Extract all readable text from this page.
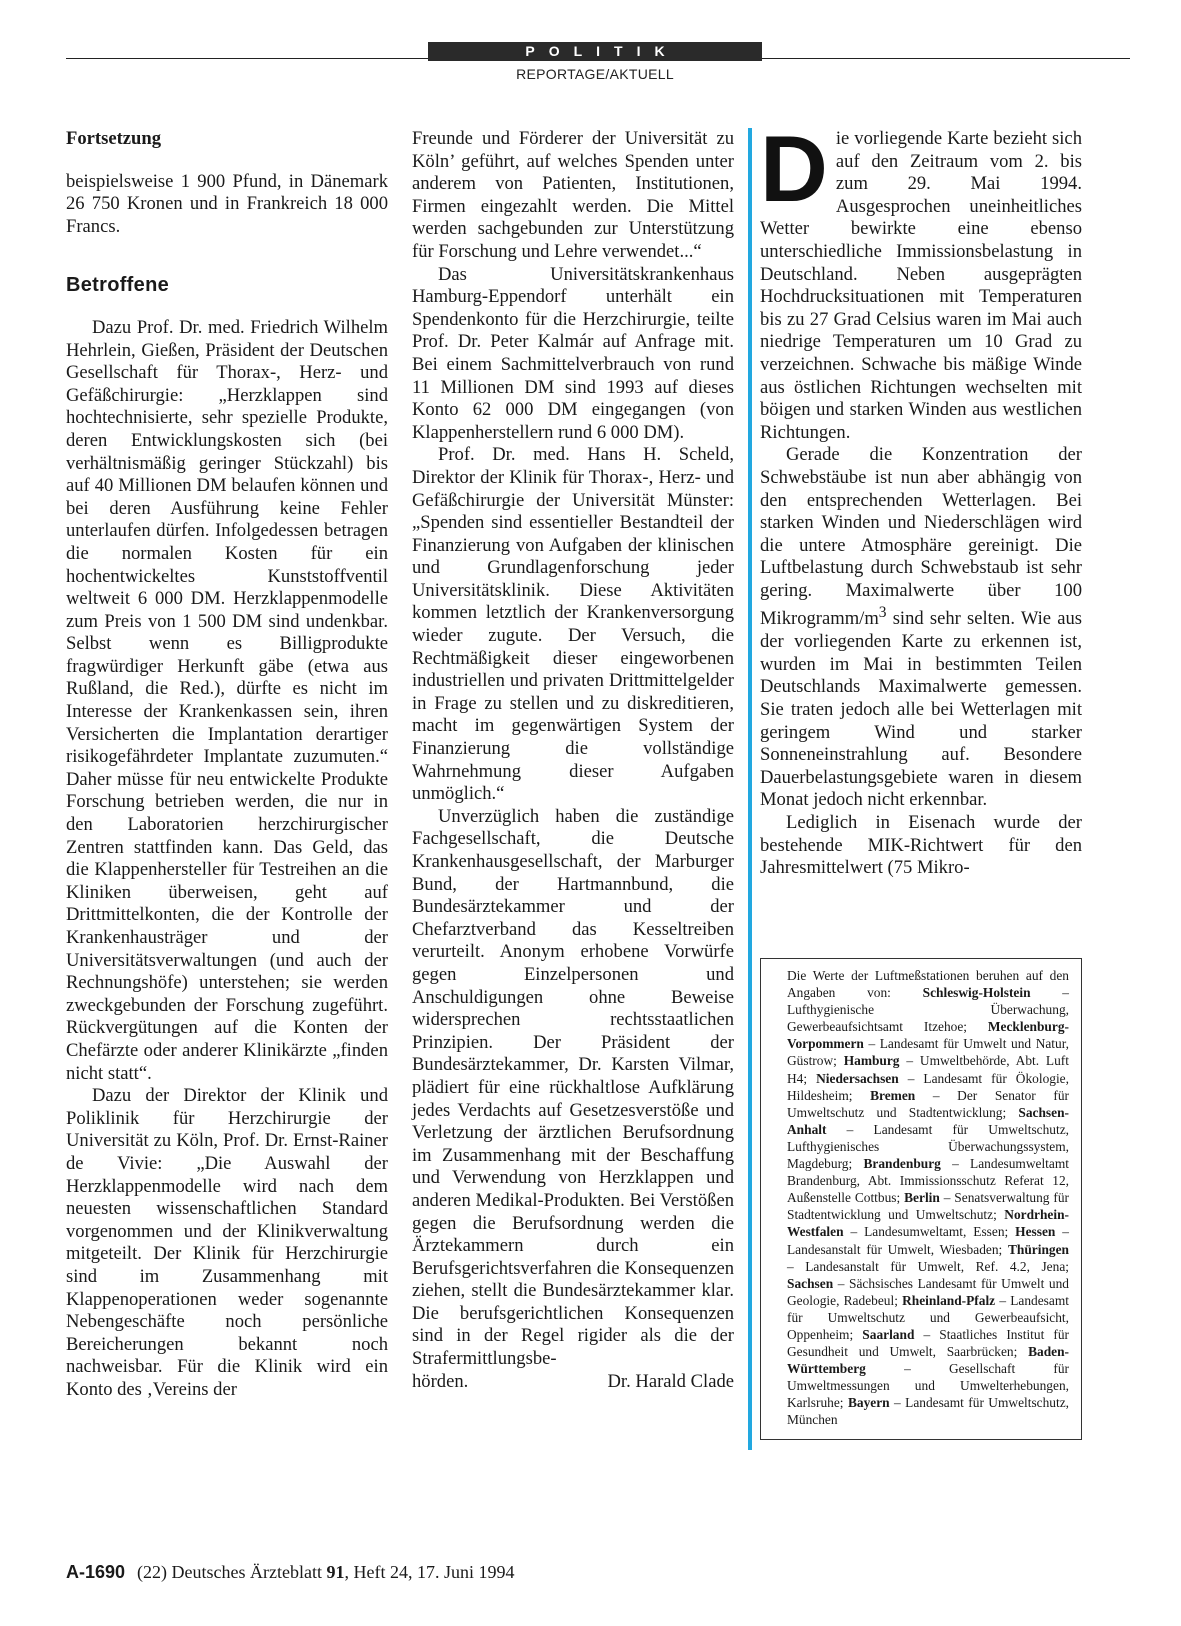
POLITIK
REPORTAGE/AKTUELL

Fortsetzung

beispielsweise 1 900 Pfund, in Dänemark 26 750 Kronen und in Frankreich 18 000 Francs.

Betroffene

Dazu Prof. Dr. med. Friedrich Wilhelm Hehrlein, Gießen, Präsident der Deutschen Gesellschaft für Thorax-, Herz- und Gefäßchirurgie: „Herzklappen sind hochtechnisierte, sehr spezielle Produkte, deren Entwicklungskosten sich (bei verhältnismäßig geringer Stückzahl) bis auf 40 Millionen DM belaufen können und bei deren Ausführung keine Fehler unterlaufen dürfen. Infolgedessen betragen die normalen Kosten für ein hochentwickeltes Kunststoffventil weltweit 6 000 DM. Herzklappenmodelle zum Preis von 1 500 DM sind undenkbar. Selbst wenn es Billigprodukte fragwürdiger Herkunft gäbe (etwa aus Rußland, die Red.), dürfte es nicht im Interesse der Krankenkassen sein, ihren Versicherten die Implantation derartiger risikogefährdeter Implantate zuzumuten.“ Daher müsse für neu entwickelte Produkte Forschung betrieben werden, die nur in den Laboratorien herzchirurgischer Zentren stattfinden kann. Das Geld, das die Klappenhersteller für Testreihen an die Kliniken überweisen, geht auf Drittmittelkonten, die der Kontrolle der Krankenhausträger und der Universitätsverwaltungen (und auch der Rechnungshöfe) unterstehen; sie werden zweckgebunden der Forschung zugeführt. Rückvergütungen auf die Konten der Chefärzte oder anderer Klinikärzte „finden nicht statt“.

Dazu der Direktor der Klinik und Poliklinik für Herzchirurgie der Universität zu Köln, Prof. Dr. Ernst-Rainer de Vivie: „Die Auswahl der Herzklappenmodelle wird nach dem neuesten wissenschaftlichen Standard vorgenommen und der Klinikverwaltung mitgeteilt. Der Klinik für Herzchirurgie sind im Zusammenhang mit Klappenoperationen weder sogenannte Nebengeschäfte noch persönliche Bereicherungen bekannt noch nachweisbar. Für die Klinik wird ein Konto des ‚Vereins der

Freunde und Förderer der Universität zu Köln’ geführt, auf welches Spenden unter anderem von Patienten, Institutionen, Firmen eingezahlt werden. Die Mittel werden sachgebunden zur Unterstützung für Forschung und Lehre verwendet...“

Das Universitätskrankenhaus Hamburg-Eppendorf unterhält ein Spendenkonto für die Herzchirurgie, teilte Prof. Dr. Peter Kalmár auf Anfrage mit. Bei einem Sachmittelverbrauch von rund 11 Millionen DM sind 1993 auf dieses Konto 62 000 DM eingegangen (von Klappenherstellern rund 6 000 DM).

Prof. Dr. med. Hans H. Scheld, Direktor der Klinik für Thorax-, Herz- und Gefäßchirurgie der Universität Münster: „Spenden sind essentieller Bestandteil der Finanzierung von Aufgaben der klinischen und Grundlagenforschung jeder Universitätsklinik. Diese Aktivitäten kommen letztlich der Krankenversorgung wieder zugute. Der Versuch, die Rechtmäßigkeit dieser eingeworbenen industriellen und privaten Drittmittelgelder in Frage zu stellen und zu diskreditieren, macht im gegenwärtigen System der Finanzierung die vollständige Wahrnehmung dieser Aufgaben unmöglich.“

Unverzüglich haben die zuständige Fachgesellschaft, die Deutsche Krankenhausgesellschaft, der Marburger Bund, der Hartmannbund, die Bundesärztekammer und der Chefarztverband das Kesseltreiben verurteilt. Anonym erhobene Vorwürfe gegen Einzelpersonen und Anschuldigungen ohne Beweise widersprechen rechtsstaatlichen Prinzipien. Der Präsident der Bundesärztekammer, Dr. Karsten Vilmar, plädiert für eine rückhaltlose Aufklärung jedes Verdachts auf Gesetzesverstöße und Verletzung der ärztlichen Berufsordnung im Zusammenhang mit der Beschaffung und Verwendung von Herzklappen und anderen Medikal-Produkten. Bei Verstößen gegen die Berufsordnung werden die Ärztekammern durch ein Berufsgerichtsverfahren die Konsequenzen ziehen, stellt die Bundesärztekammer klar. Die berufsgerichtlichen Konsequenzen sind in der Regel rigider als die der Strafermittlungsbe-

hörden.	Dr. Harald Clade

Die vorliegende Karte bezieht sich auf den Zeitraum vom 2. bis zum 29. Mai 1994. Ausgesprochen uneinheitliches Wetter bewirkte eine ebenso unterschiedliche Immissionsbelastung in Deutschland. Neben ausgeprägten Hochdrucksituationen mit Temperaturen bis zu 27 Grad Celsius waren im Mai auch niedrige Temperaturen um 10 Grad zu verzeichnen. Schwache bis mäßige Winde aus östlichen Richtungen wechselten mit böigen und starken Winden aus westlichen Richtungen.

Gerade die Konzentration der Schwebstäube ist nun aber abhängig von den entsprechenden Wetterlagen. Bei starken Winden und Niederschlägen wird die untere Atmosphäre gereinigt. Die Luftbelastung durch Schwebstaub ist sehr gering. Maximalwerte über 100 Mikrogramm/$m^3$ sind sehr selten. Wie aus der vorliegenden Karte zu erkennen ist, wurden im Mai in bestimmten Teilen Deutschlands Maximalwerte gemessen. Sie traten jedoch alle bei Wetterlagen mit geringem Wind und starker Sonneneinstrahlung auf. Besondere Dauerbelastungsgebiete waren in diesem Monat jedoch nicht erkennbar.

Lediglich in Eisenach wurde der bestehende MIK-Richtwert für den Jahresmittelwert (75 Mikro-

Die Werte der Luftmeßstationen beruhen auf den Angaben von: Schleswig-Holstein – Lufthygienische Überwachung, Gewerbeaufsichtsamt Itzehoe; Mecklenburg-Vorpommern – Landesamt für Umwelt und Natur, Güstrow; Hamburg – Umweltbehörde, Abt. Luft H4; Niedersachsen – Landesamt für Ökologie, Hildesheim; Bremen – Der Senator für Umweltschutz und Stadtentwicklung; Sachsen-Anhalt – Landesamt für Umweltschutz, Lufthygienisches Überwachungssystem, Magdeburg; Brandenburg – Landesumweltamt Brandenburg, Abt. Immissionsschutz Referat 12, Außenstelle Cottbus; Berlin – Senatsverwaltung für Stadtentwicklung und Umweltschutz; Nordrhein-Westfalen – Landesumweltamt, Essen; Hessen – Landesanstalt für Umwelt, Wiesbaden; Thüringen – Landesanstalt für Umwelt, Ref. 4.2, Jena; Sachsen – Sächsisches Landesamt für Umwelt und Geologie, Radebeul; Rheinland-Pfalz – Landesamt für Umweltschutz und Gewerbeaufsicht, Oppenheim; Saarland – Staatliches Institut für Gesundheit und Umwelt, Saarbrücken; Baden-Württemberg	– Gesellschaft für Umweltmessungen und Umwelterhebungen, Karlsruhe; Bayern – Landesamt für Umweltschutz, München
A-1690 (22) Deutsches Ärzteblatt 91, Heft 24, 17. Juni 1994
